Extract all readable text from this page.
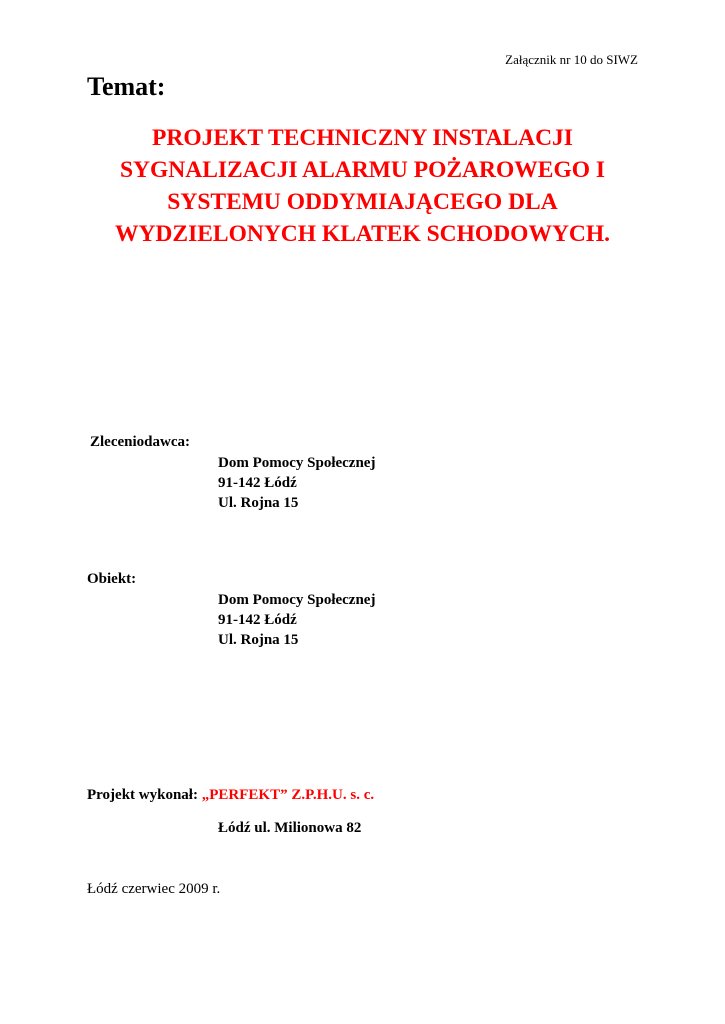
Załącznik nr 10 do SIWZ
Temat:
PROJEKT TECHNICZNY INSTALACJI
SYGNALIZACJI ALARMU POŻAROWEGO I
SYSTEMU ODDYMIAJĄCEGO DLA
WYDZIELONYCH KLATEK SCHODOWYCH.
Zleceniodawca:
Dom Pomocy Społecznej
91-142 Łódź
Ul. Rojna 15
Obiekt:
Dom Pomocy Społecznej
91-142 Łódź
Ul. Rojna 15
Projekt wykonał: „PERFEKT” Z.P.H.U. s. c.
Łódź ul. Milionowa 82
Łódź czerwiec 2009 r.
